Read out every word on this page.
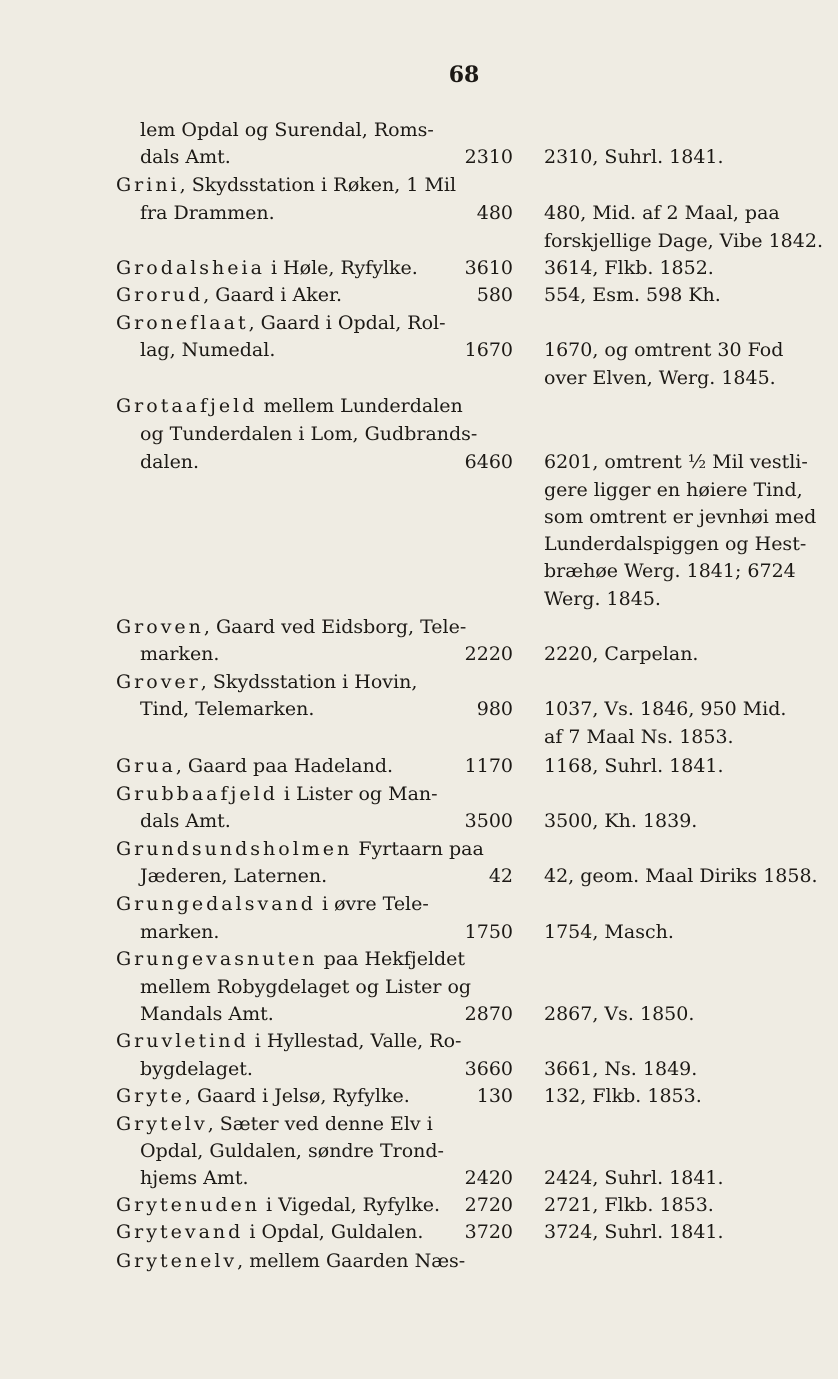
68
lem Opdal og Surendal, Roms-
dals Amt.	2310 2310, Suhrl. 1841.
Grini, Skydsstation i Røken, 1 Mil
fra Drammen.	480 480, Mid. af 2 Maal, paa
forskjellige Dage, Vibe 1842.
Grodalsheia i Høle, Ryfylke.	3610 3614, Flkb. 1852.
Grorud, Gaard i Aker.	580 554, Esm. 598 Kh.
Groneflaat, Gaard i Opdal, Rol-
lag, Numedal.	1670 1670, og omtrent 30 Fod
over Elven, Werg. 1845.
Grotaafjeld mellem Lunderdalen
og Tunderdalen i Lom, Gudbrands-
dalen.	6460 6201, omtrent ½ Mil vestli-
gere ligger en høiere Tind,
som omtrent er jevnhøi med
Lunderdalspiggen og Hest-
bræhøe Werg. 1841; 6724
Werg. 1845.
Groven, Gaard ved Eidsborg, Tele-
marken.	2220 2220, Carpelan.
Grover, Skydsstation i Hovin,
Tind, Telemarken.	980 1037, Vs. 1846, 950 Mid.
af 7 Maal Ns. 1853.
Grua, Gaard paa Hadeland.	1170 1168, Suhrl. 1841.
Grubbaafjeld i Lister og Man-
dals Amt.	3500 3500, Kh. 1839.
Grundsundsholmen Fyrtaarn paa
Jæderen, Laternen.	42 42, geom. Maal Diriks 1858.
Grungedalsvand i øvre Tele-
marken.	1750 1754, Masch.
Grungevasnuten paa Hekfjeldet
mellem Robygdelaget og Lister og
Mandals Amt.	2870 2867, Vs. 1850.
Gruvletind i Hyllestad, Valle, Ro-
bygdelaget.	3660 3661, Ns. 1849.
Gryte, Gaard i Jelsø, Ryfylke.	130 132, Flkb. 1853.
Grytelv, Sæter ved denne Elv i
Opdal, Guldalen, søndre Trond-
hjems Amt.	2420 2424, Suhrl. 1841.
Grytenuden i Vigedal, Ryfylke.	2720 2721, Flkb. 1853.
Grytevand i Opdal, Guldalen.	3720 3724, Suhrl. 1841.
Grytenelv, mellem Gaarden Næs-
